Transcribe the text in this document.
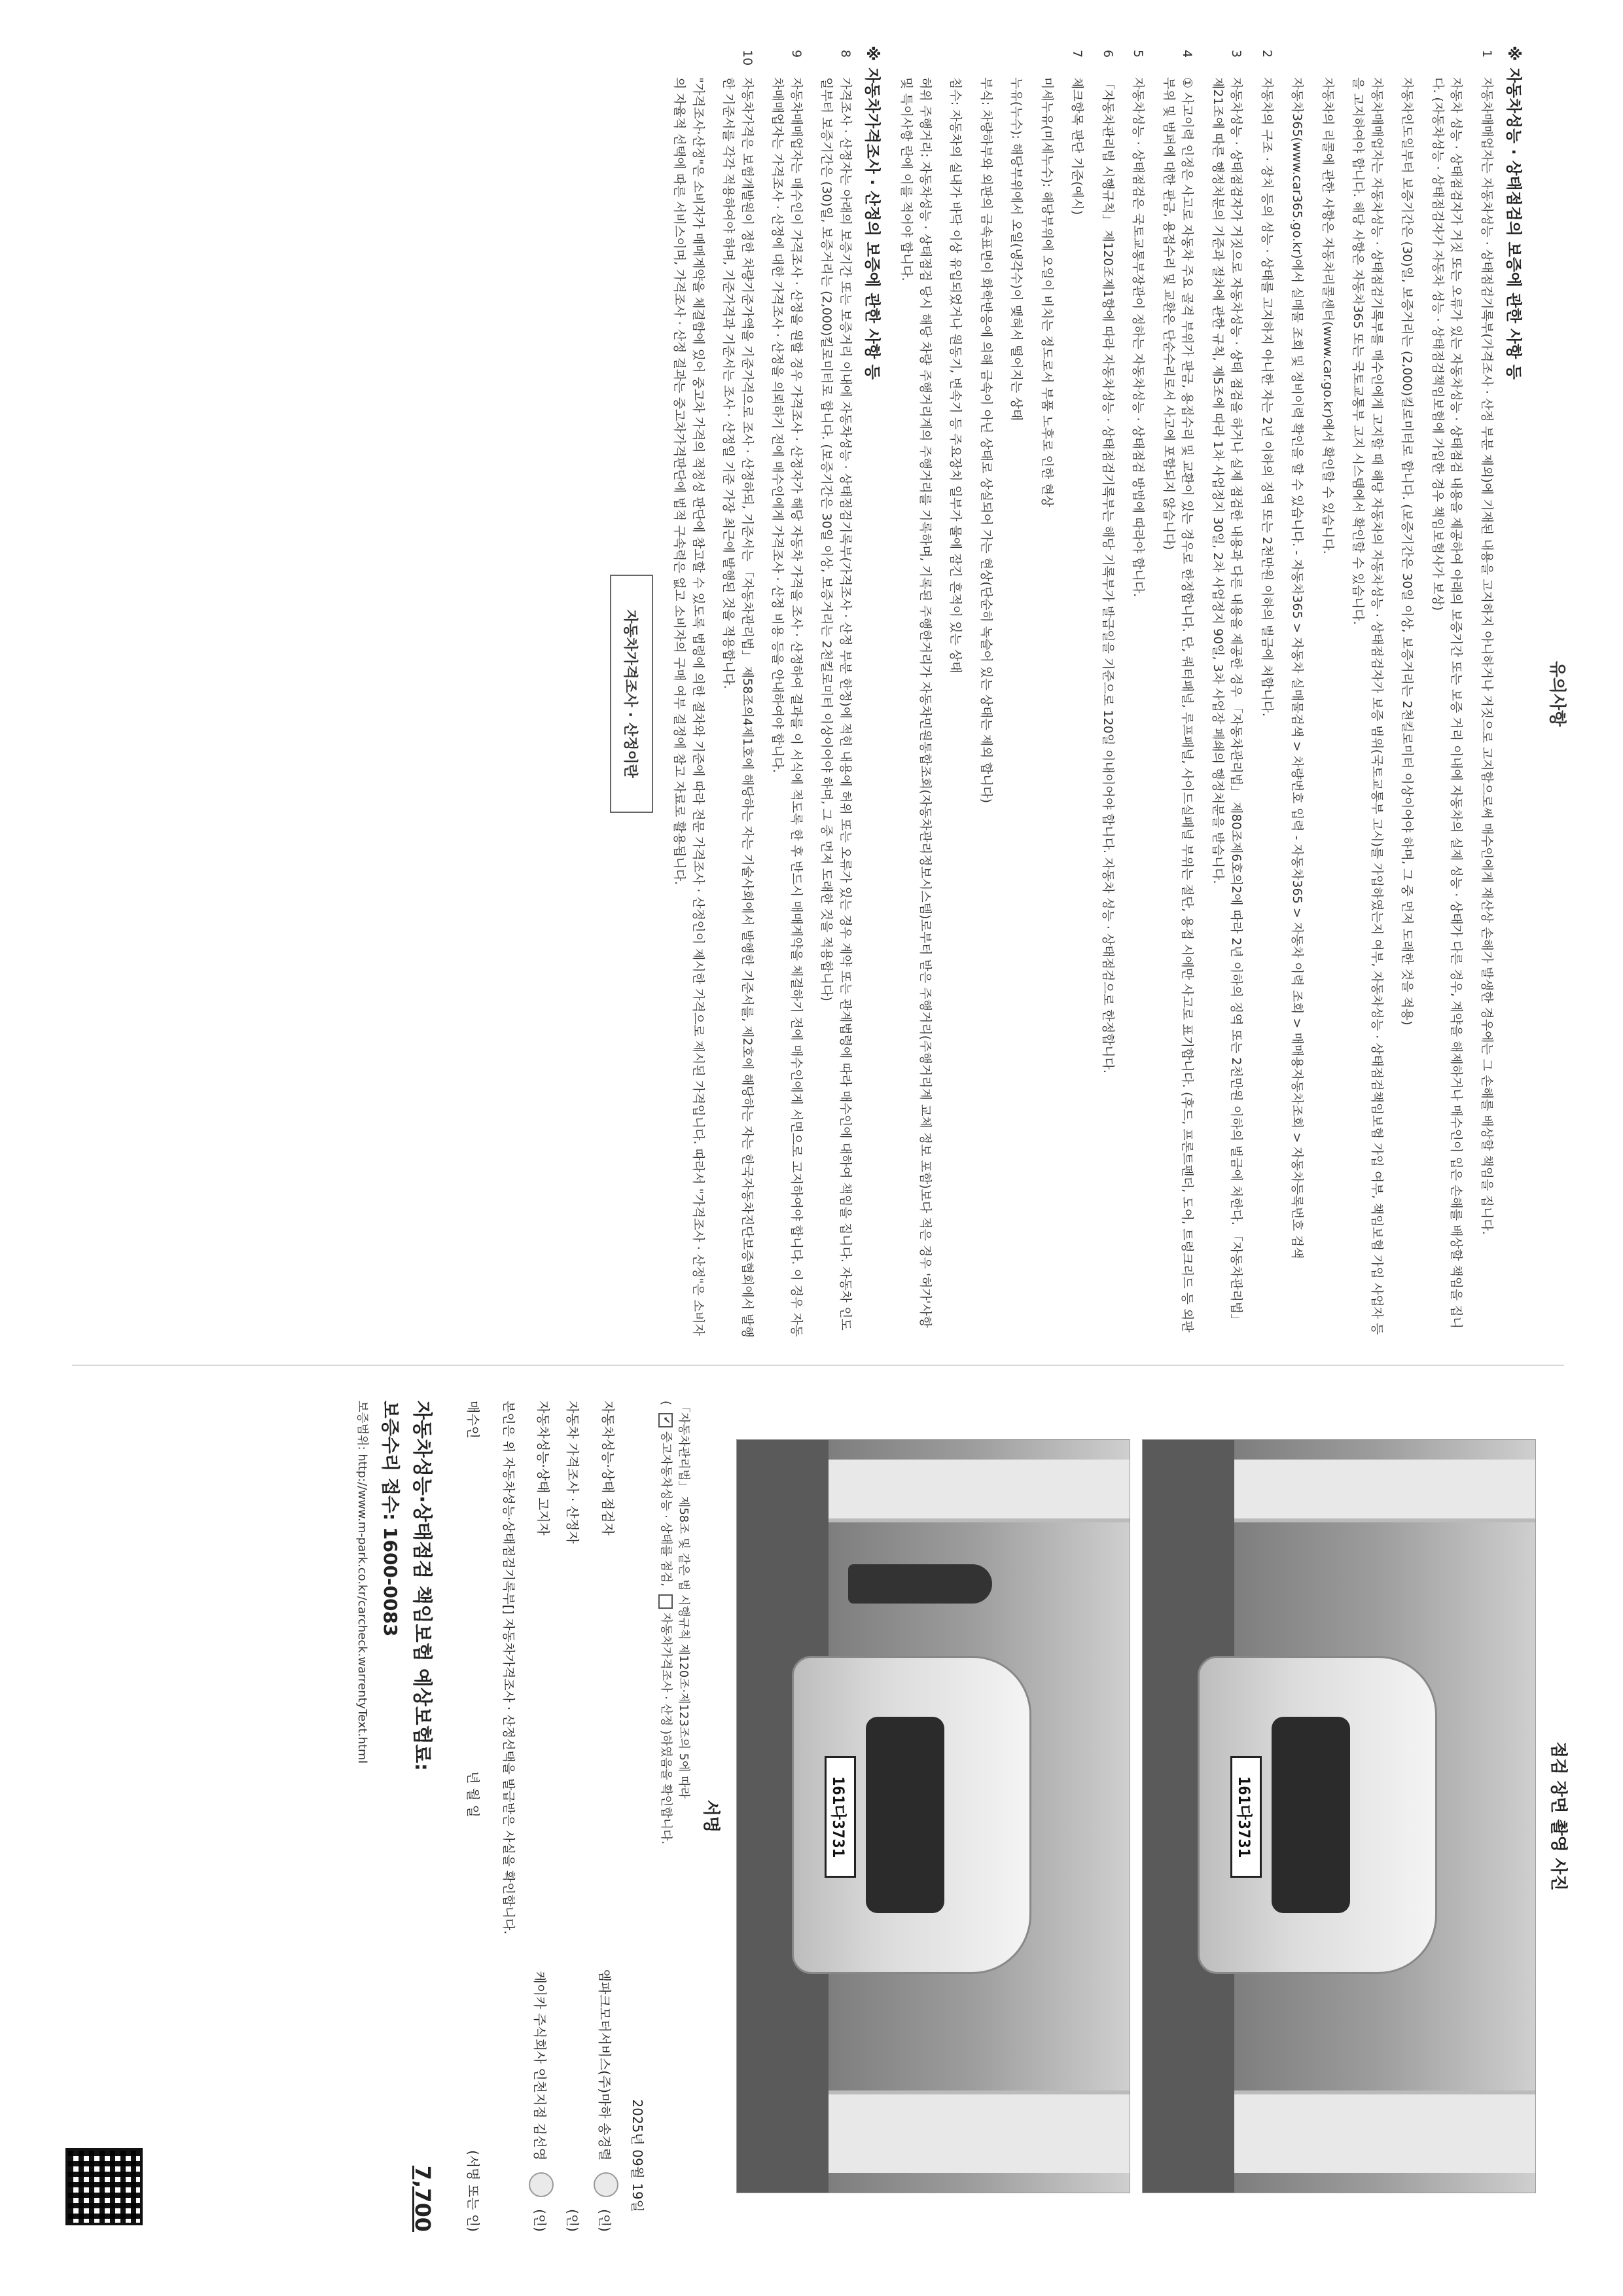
유의사항
※자동차성능 · 상태점검의 보증에 관한 사항 등
1
자동차매매업자는 자동차성능 · 상태점검기록부(가격조사 · 산정 부분 제외)에 기재된 내용을 고지하지 아니하거나 거짓으로 고지함으로써 매수인에게 재산상 손해가 발생한 경우에는 그 손해를 배상할 책임을 집니다.
자동차 성능 · 상태점검자가 거짓 또는 오류가 있는 자동차성능 · 상태점검 내용을 제공하여 아래의 보증기간 또는 보증 거리 이내에 자동차의 실제 성능 · 상태가 다른 경우, 계약을 해제하거나 매수인이 입은 손해를 배상할 책임을 집니다. (자동차성능 · 상태점검자가 자동차 성능 · 상태점검책임보험에 가입한 경우 책임보험사가 보상)
자동차인도일부터 보증기간은 (30)일, 보증거리는 (2,000)킬로미터로 합니다. (보증기간은 30일 이상, 보증거리는 2천킬로미터 이상이어야 하며, 그 중 먼저 도래한 것을 적용)
자동차매매업자는 자동차성능 · 상태점검기록부를 매수인에게 고지할 때 해당 자동차의 자동차성능 · 상태점검자가 보증 범위(국토교통부 고시)를 가입하였는지 여부, 자동차성능 · 상태점검책임보험 가입 여부, 책임보험 가입 사업자 등을 고지하여야 합니다. 해당 사항은 자동차365 또는 국토교통부 고지 시스템에서 확인할 수 있습니다.
자동차의 리콜에 관한 사항은 자동차리콜센터(www.car.go.kr)에서 확인할 수 있습니다.
자동차365(www.car365.go.kr)에서 실매물 조회 및 정비이력 확인을 할 수 있습니다. - 자동차365 > 자동차 실매물검색 > 차량번호 입력 - 자동차365 > 자동차 이력 조회 > 매매용자동차조회 > 자동차등록번호 검색
2
자동차의 구조 · 장치 등의 성능 · 상태를 고지하지 아니한 자는 2년 이하의 징역 또는 2천만원 이하의 벌금에 처합니다.
3
자동차성능 · 상태점검자가 거짓으로 자동차성능 · 상태 점검을 하거나 실제 점검한 내용과 다른 내용을 제공한 경우 「자동차관리법」 제80조제6호의2에 따라 2년 이하의 징역 또는 2천만원 이하의 벌금에 처한다. 「자동차관리법」 제21조에 따른 행정처분의 기준과 절차에 관한 규칙, 제5조에 따라 1차 사업정지 30일, 2차 사업정지 90일, 3차 사업장 폐쇄의 행정처분을 받습니다.
4
① 사고이력 인정은 사고로 자동차 주요 골격 부위가 판금, 용접수리 및 교환이 있는 경우로 한정합니다. 단, 쿼터패널, 루프패널, 사이드실패널 부위는 절단, 용접 시에만 사고로 표기합니다. (후드, 프론트펜더, 도어, 트렁크리드 등 외판 부위 및 범퍼에 대한 판금, 용접수리 및 교환은 단순수리로서 사고에 포함되지 않습니다)
5
자동차성능 · 상태점검은 국토교통부장관이 정하는 자동차성능 · 상태점검 방법에 따라야 합니다.
6
「자동차관리법 시행규칙」 제120조제1항에 따라 자동차성능 · 상태점검기록부는 해당 기록부가 발급일을 기준으로 120일 이내이어야 합니다. 자동차 성능 · 상태점검으로 한정합니다.
7
체크항목 판단 기준(예시)
미세누유(미세누수): 해당부위에 오일이 비치는 정도로서 부품 노후로 인한 현상
누유(누수): 해당부위에서 오일(냉각수)이 맺혀서 떨어지는 상태
부식: 차량하부와 외판의 금속표면이 화학반응에 의해 금속이 아닌 상태로 상실되어 가는 현상(단순히 녹슬어 있는 상태는 제외 합니다)
침수: 자동차의 실내가 바닥 이상 유입되었거나 원동기, 변속기 등 주요장치 일부가 물에 잠긴 흔적이 있는 상태
허위 주행거리: 자동차성능 · 상태점검 당시 해당 차량 주행거리계의 주행거리를 기록하며, 기록된 주행한거리가 자동차민원통합조회(자동차관리정보시스템)로부터 받은 주행거리(주행거리계 교체 정보 포함)보다 적은 경우 '허가'사항 및 특이사항 란에 이를 적어야 합니다.
※자동차가격조사 · 산정의 보증에 관한 사항 등
8
가격조사 · 산정자는 아래의 보증기간 또는 보증거리 이내에 자동차성능 · 상태점검기록부(가격조사 · 산정 부분 한정)에 적힌 내용에 허위 또는 오류가 있는 경우 계약 또는 관계법령에 따라 매수인에 대하여 책임을 집니다. 자동차 인도일부터 보증기간은 (30)일, 보증거리는 (2,000)킬로미터로 합니다. (보증기간은 30일 이상, 보증거리는 2천킬로미터 이상이어야 하며, 그 중 먼저 도래한 것을 적용합니다)
9
자동차매매업자는 매수인이 가격조사 · 산정을 원할 경우 가격조사 · 산정자가 해당 자동차 가격을 조사 · 산정하여 결과를 이 서식에 적도록 한 후 반드시 매매계약을 체결하기 전에 매수인에게 서면으로 고지하여야 합니다. 이 경우 자동차매매업자는 가격조사 · 산정에 대한 가격조사 · 산정을 의뢰하기 전에 매수인에게 가격조사 · 산정 비용 등을 안내하여야 합니다.
10
자동차가격은 보험개발원이 정한 차량기준가액을 기준가격으로 조사 · 산정하되, 기준서는 「자동차관리법」 제58조의4제1호에 해당하는 자는 기술사회에서 발행한 기준서를, 제2호에 해당하는 자는 한국자동차진단보증협회에서 발행한 기준서를 각각 적용하여야 하며, 기준가격과 기준서는 조사 · 산정일 기준 가장 최근에 발행된 것을 적용합니다.
"가격조사·산정"은 소비자가 매매계약을 체결함에 있어 중고차 가격의 적정성 판단에 참고할 수 있도록 법령에 의한 절차와 기준에 따라 전문 가격조사 · 산정인이 제시한 가격으로 제시된 가격입니다. 따라서 "가격조사 · 산정"은 소비자의 자율적 선택에 따른 서비스이며, 가격조사 · 산정 결과는 중고차가격판단에 법적 구속력은 없고 소비자의 구매 여부 결정에 참고 자료로 활용됩니다.
자동차가격조사 · 산정이란
점검 장면 촬영 사진
161다3731
161다3731
서명
「자동차관리법」 제58조 및 같은 법 시행규칙 제120조·제123조의 5에 따라
( ✔중고자동차성능 · 상태를 점검, 자동차가격조사 · 산정 )하였음을 확인합니다.
2025년 09월 19일
자동차성능·상태 점검자
엠파크모터서비스(주)마하 송경렬
(인)
자동차 가격조사 · 산정자
(인)
자동차성능·상태 고지자
케이카 주식회사 인천지점 김선영
(인)
본인은 위 자동차성능·상태점검기록부[] 자동차가격조사 · 산정선택을 발급받은 사실을 확인합니다.
매수인
년 월 일
(서명 또는 인)
자동차성능·상태점검 책임보험 예상보험료:
7,700
보증수리 접수: 1600-0083
보증범위: http://www.m-park.co.kr/carcheck.warrentyText.html
